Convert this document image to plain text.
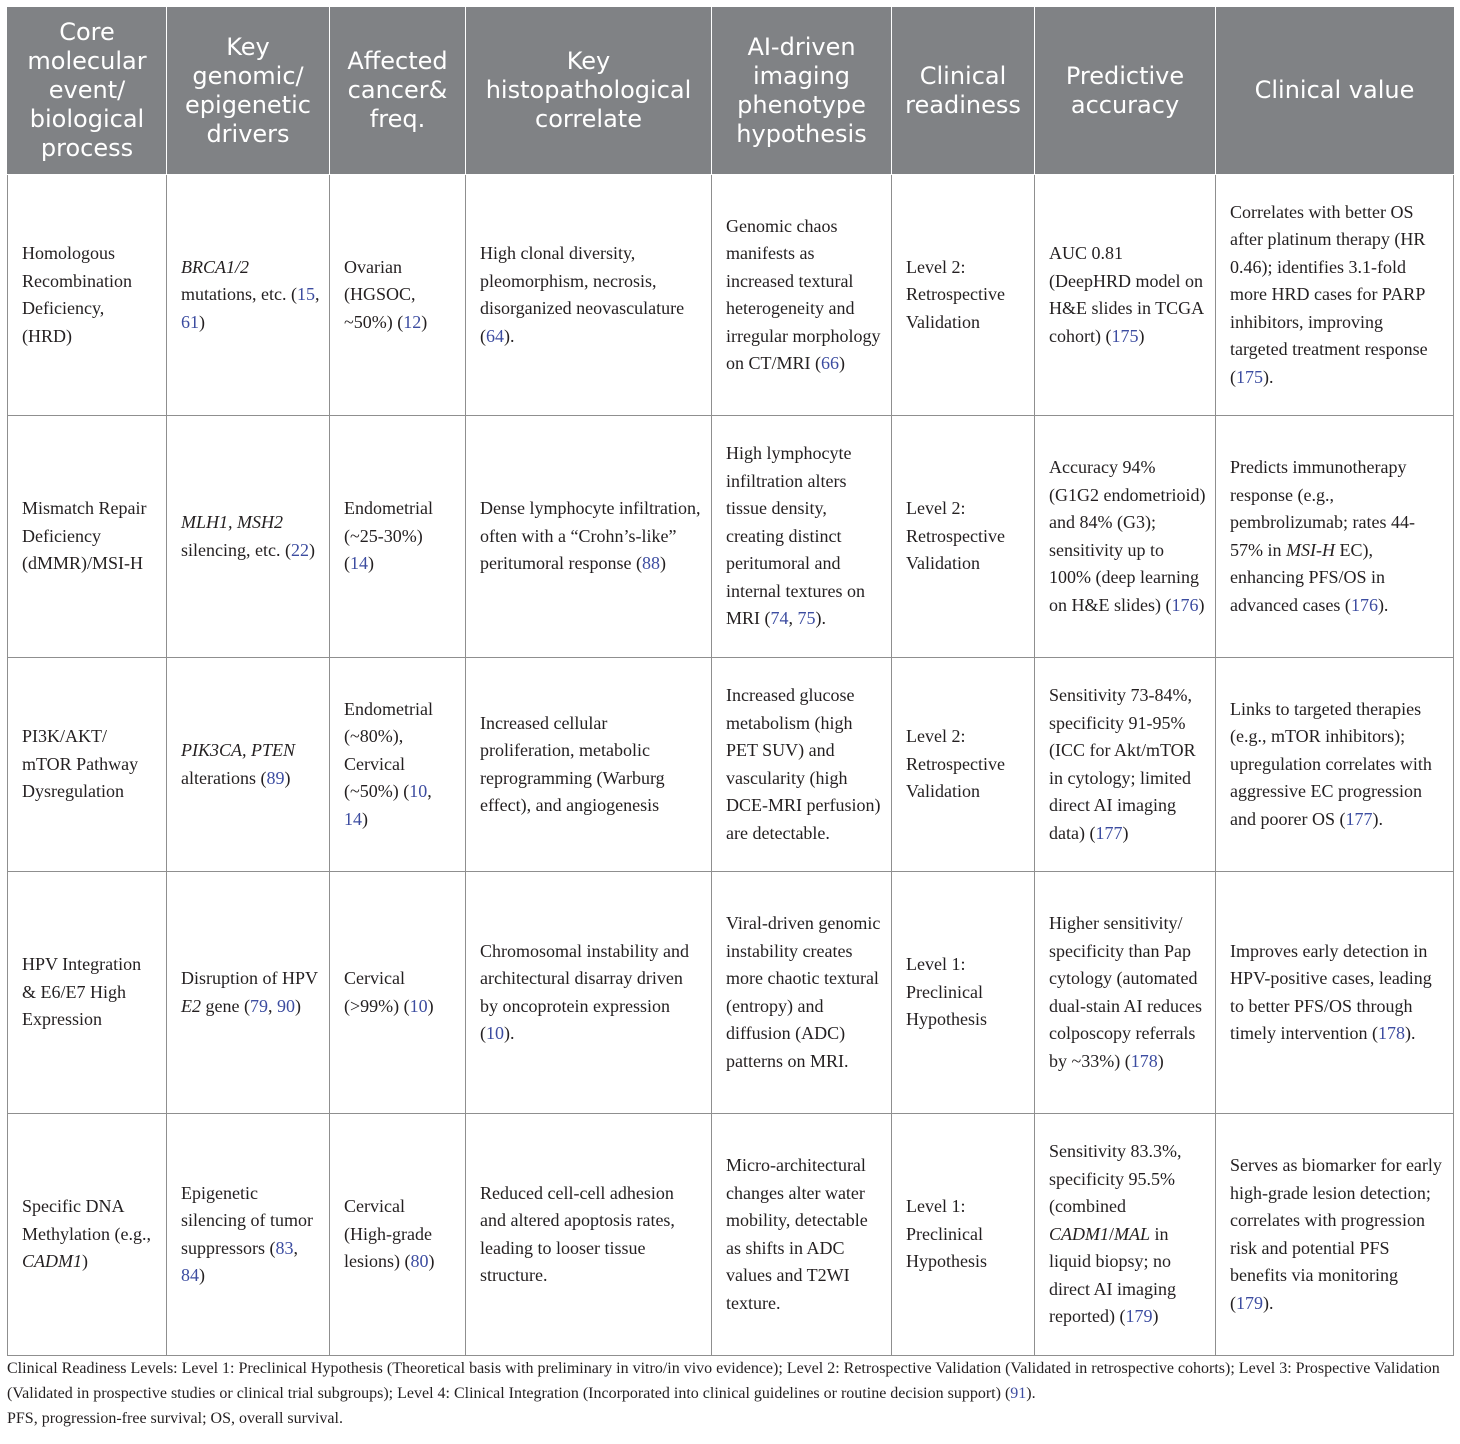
Core molecular event/ biological process	Key genomic/ epigenetic drivers	Affected cancer& freq.	Key histopathological correlate	AI-driven imaging phenotype hypothesis	Clinical readiness	Predictive accuracy	Clinical value
Homologous Recombination Deficiency, (HRD)	BRCA1/2 mutations, etc. (15, 61)	Ovarian (HGSOC, ~50%) (12)	High clonal diversity, pleomorphism, necrosis, disorganized neovasculature (64).	Genomic chaos manifests as increased textural heterogeneity and irregular morphology on CT/MRI (66)	Level 2: Retrospective Validation	AUC 0.81 (DeepHRD model on H&E slides in TCGA cohort) (175)	Correlates with better OS after platinum therapy (HR 0.46); identifies 3.1-fold more HRD cases for PARP inhibitors, improving targeted treatment response (175).
Mismatch Repair Deficiency (dMMR)/MSI-H	MLH1, MSH2 silencing, etc. (22)	Endometrial (~25-30%) (14)	Dense lymphocyte infiltration, often with a “Crohn’s-like” peritumoral response (88)	High lymphocyte infiltration alters tissue density, creating distinct peritumoral and internal textures on MRI (74, 75).	Level 2: Retrospective Validation	Accuracy 94% (G1G2 endometrioid) and 84% (G3); sensitivity up to 100% (deep learning on H&E slides) (176)	Predicts immunotherapy response (e.g., pembrolizumab; rates 44-57% in MSI-H EC), enhancing PFS/OS in advanced cases (176).
PI3K/AKT/ mTOR Pathway Dysregulation	PIK3CA, PTEN alterations (89)	Endometrial (~80%), Cervical (~50%) (10, 14)	Increased cellular proliferation, metabolic reprogramming (Warburg effect), and angiogenesis	Increased glucose metabolism (high PET SUV) and vascularity (high DCE-MRI perfusion) are detectable.	Level 2: Retrospective Validation	Sensitivity 73-84%, specificity 91-95% (ICC for Akt/mTOR in cytology; limited direct AI imaging data) (177)	Links to targeted therapies (e.g., mTOR inhibitors); upregulation correlates with aggressive EC progression and poorer OS (177).
HPV Integration & E6/E7 High Expression	Disruption of HPV E2 gene (79, 90)	Cervical (>99%) (10)	Chromosomal instability and architectural disarray driven by oncoprotein expression (10).	Viral-driven genomic instability creates more chaotic textural (entropy) and diffusion (ADC) patterns on MRI.	Level 1: Preclinical Hypothesis	Higher sensitivity/ specificity than Pap cytology (automated dual-stain AI reduces colposcopy referrals by ~33%) (178)	Improves early detection in HPV-positive cases, leading to better PFS/OS through timely intervention (178).
Specific DNA Methylation (e.g., CADM1)	Epigenetic silencing of tumor suppressors (83, 84)	Cervical (High-grade lesions) (80)	Reduced cell-cell adhesion and altered apoptosis rates, leading to looser tissue structure.	Micro-architectural changes alter water mobility, detectable as shifts in ADC values and T2WI texture.	Level 1: Preclinical Hypothesis	Sensitivity 83.3%, specificity 95.5% (combined CADM1/MAL in liquid biopsy; no direct AI imaging reported) (179)	Serves as biomarker for early high-grade lesion detection; correlates with progression risk and potential PFS benefits via monitoring (179).

Clinical Readiness Levels: Level 1: Preclinical Hypothesis (Theoretical basis with preliminary in vitro/in vivo evidence); Level 2: Retrospective Validation (Validated in retrospective cohorts); Level 3: Prospective Validation (Validated in prospective studies or clinical trial subgroups); Level 4: Clinical Integration (Incorporated into clinical guidelines or routine decision support) (91).
PFS, progression-free survival; OS, overall survival.
